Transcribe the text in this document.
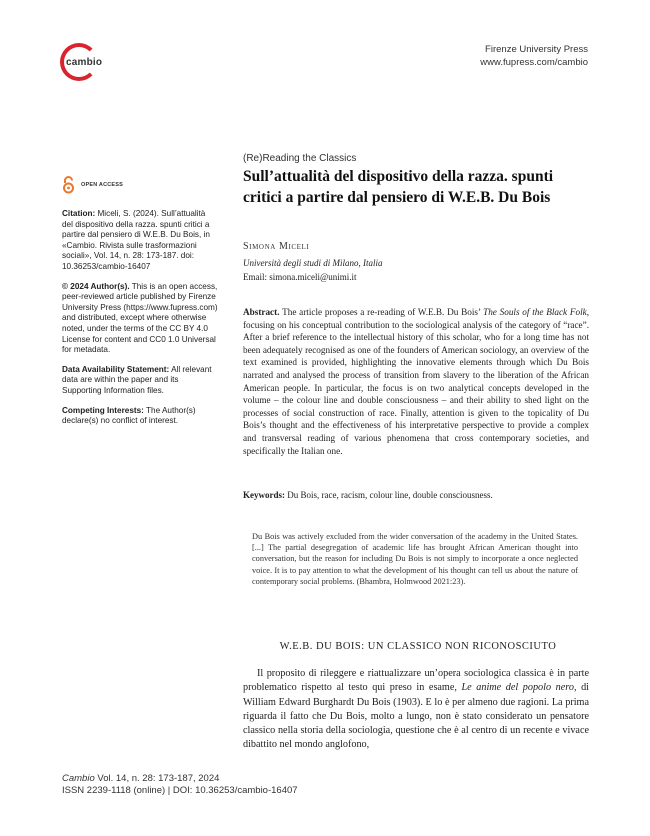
cambio
Firenze University Press
www.fupress.com/cambio
OPEN ACCESS

Citation: Miceli, S. (2024). Sull’attualità del dispositivo della razza. spunti critici a partire dal pensiero di W.E.B. Du Bois, in «Cambio. Rivista sulle trasformazioni sociali», Vol. 14, n. 28: 173-187. doi: 10.36253/cambio-16407

© 2024 Author(s). This is an open access, peer-reviewed article published by Firenze University Press (https://www.fupress.com) and distributed, except where otherwise noted, under the terms of the CC BY 4.0 License for content and CC0 1.0 Universal for metadata.

Data Availability Statement: All relevant data are within the paper and its Supporting Information files.

Competing Interests: The Author(s) declare(s) no conflict of interest.

(Re)Reading the Classics
Sull’attualità del dispositivo della razza. spunti critici a partire dal pensiero di W.E.B. Du Bois
Simona Miceli
Università degli studi di Milano, Italia
Email: simona.miceli@unimi.it

Abstract. The article proposes a re-reading of W.E.B. Du Bois’ The Souls of the Black Folk, focusing on his conceptual contribution to the sociological analysis of the category of “race”. After a brief reference to the intellectual history of this scholar, who for a long time has not been adequately recognised as one of the founders of American sociology, an overview of the text examined is provided, highlighting the innovative elements through which Du Bois narrated and analysed the process of transition from slavery to the liberation of the African American people. In particular, the focus is on two analytical concepts developed in the volume – the colour line and double consciousness – and their ability to shed light on the processes of social construction of race. Finally, attention is given to the topicality of Du Bois’s thought and the effectiveness of his interpretative perspective to provide a complex and transversal reading of various phenomena that cross contemporary societies, and specifically the Italian one.

Keywords: Du Bois, race, racism, colour line, double consciousness.

Du Bois was actively excluded from the wider conversation of the academy in the United States. [...] The partial desegregation of academic life has brought African American thought into conversation, but the reason for including Du Bois is not simply to incorporate a once neglected voice. It is to pay attention to what the development of his thought can tell us about the nature of contemporary social problems. (Bhambra, Holmwood 2021:23).

W.E.B. DU BOIS: UN CLASSICO NON RICONOSCIUTO

Il proposito di rileggere e riattualizzare un’opera sociologica classica è in parte problematico rispetto al testo qui preso in esame, Le anime del popolo nero, di William Edward Burghardt Du Bois (1903). E lo è per almeno due ragioni. La prima riguarda il fatto che Du Bois, molto a lungo, non è stato considerato un pensatore classico nella storia della sociologia, questione che è al centro di un recente e vivace dibattito nel mondo anglofono,

Cambio Vol. 14, n. 28: 173-187, 2024
ISSN 2239-1118 (online) | DOI: 10.36253/cambio-16407
